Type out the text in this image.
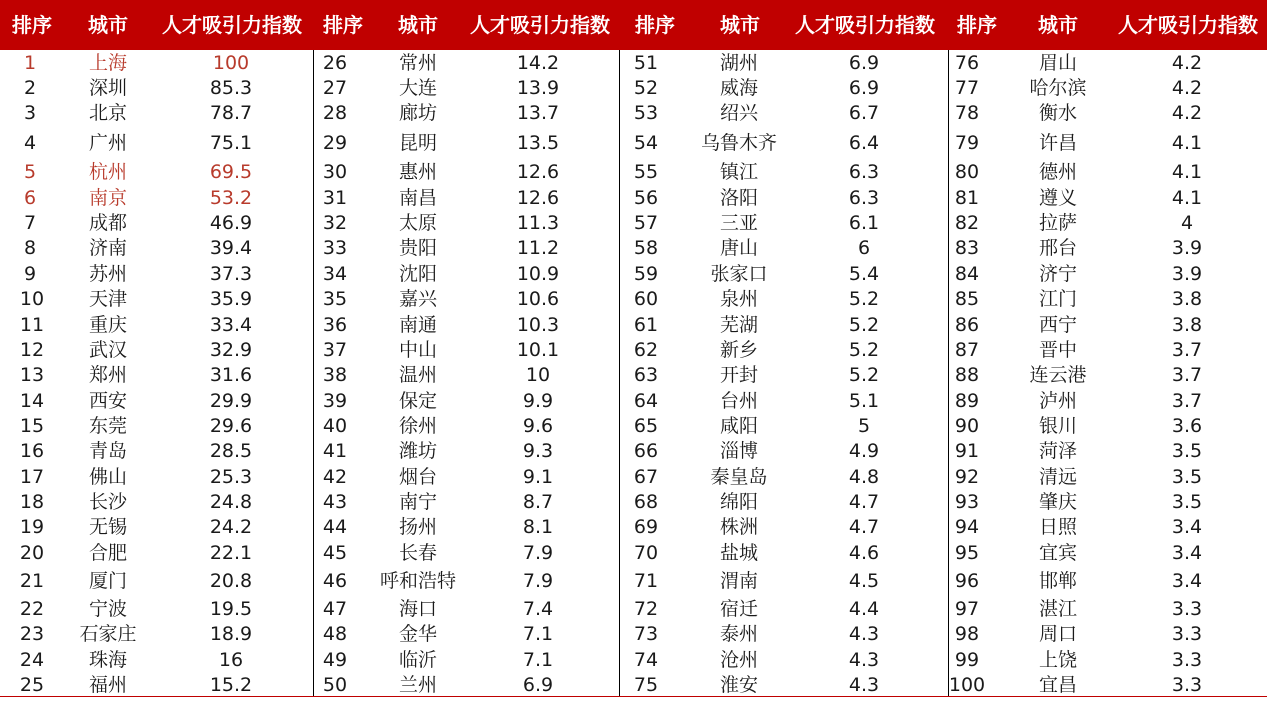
排序 城市 人才吸引力指数 排序 城市 人才吸引力指数 排序 城市 人才吸引力指数 排序 城市 人才吸引力指数
1	上海	100
2	深圳	85.3
3	北京	78.7
4	广州	75.1
5	杭州	69.5
6	南京	53.2
7	成都	46.9
8	济南	39.4
9	苏州	37.3
10 天津	35.9
11 重庆	33.4
12 武汉	32.9
13 郑州	31.6
14 西安	29.9
15 东莞	29.6
16 青岛	28.5
17 佛山	25.3
18 长沙	24.8
19 无锡	24.2
20 合肥	22.1
21 厦门	20.8
22 宁波	19.5
23 石家庄	18.9
24 珠海	16
25 福州	15.2
26	常州	14.2
27	大连	13.9
28	廊坊	13.7
29	昆明	13.5
30	惠州	12.6
31	南昌	12.6
32	太原	11.3
33	贵阳	11.2
34	沈阳	10.9
35	嘉兴	10.6
36	南通	10.3
37	中山	10.1
38	温州	10
39	保定	9.9
40	徐州	9.6
41	潍坊	9.3
42	烟台	9.1
43	南宁	8.7
44	扬州	8.1
45	长春	7.9
46 呼和浩特	7.9
47	海口	7.4
48	金华	7.1
49	临沂	7.1
50	兰州	6.9
51	湖州	6.9
52	威海	6.9
53	绍兴	6.7
54 乌鲁木齐	6.4
55	镇江	6.3
56	洛阳	6.3
57	三亚	6.1
58	唐山	6
59	张家口	5.4
60	泉州	5.2
61	芜湖	5.2
62	新乡	5.2
63	开封	5.2
64	台州	5.1
65	咸阳	5
66	淄博	4.9
67	秦皇岛	4.8
68	绵阳	4.7
69	株洲	4.7
70	盐城	4.6
71	渭南	4.5
72	宿迁	4.4
73	泰州	4.3
74	沧州	4.3
75	淮安	4.3
76	眉山	4.2
77	哈尔滨	4.2
78	衡水	4.2
79	许昌	4.1
80	德州	4.1
81	遵义	4.1
82	拉萨	4
83	邢台	3.9
84	济宁	3.9
85	江门	3.8
86	西宁	3.8
87	晋中	3.7
88	连云港	3.7
89	泸州	3.7
90	银川	3.6
91	菏泽	3.5
92	清远	3.5
93	肇庆	3.5
94	日照	3.4
95	宜宾	3.4
96	邯郸	3.4
97	湛江	3.3
98	周口	3.3
99	上饶	3.3
100	宜昌	3.3
